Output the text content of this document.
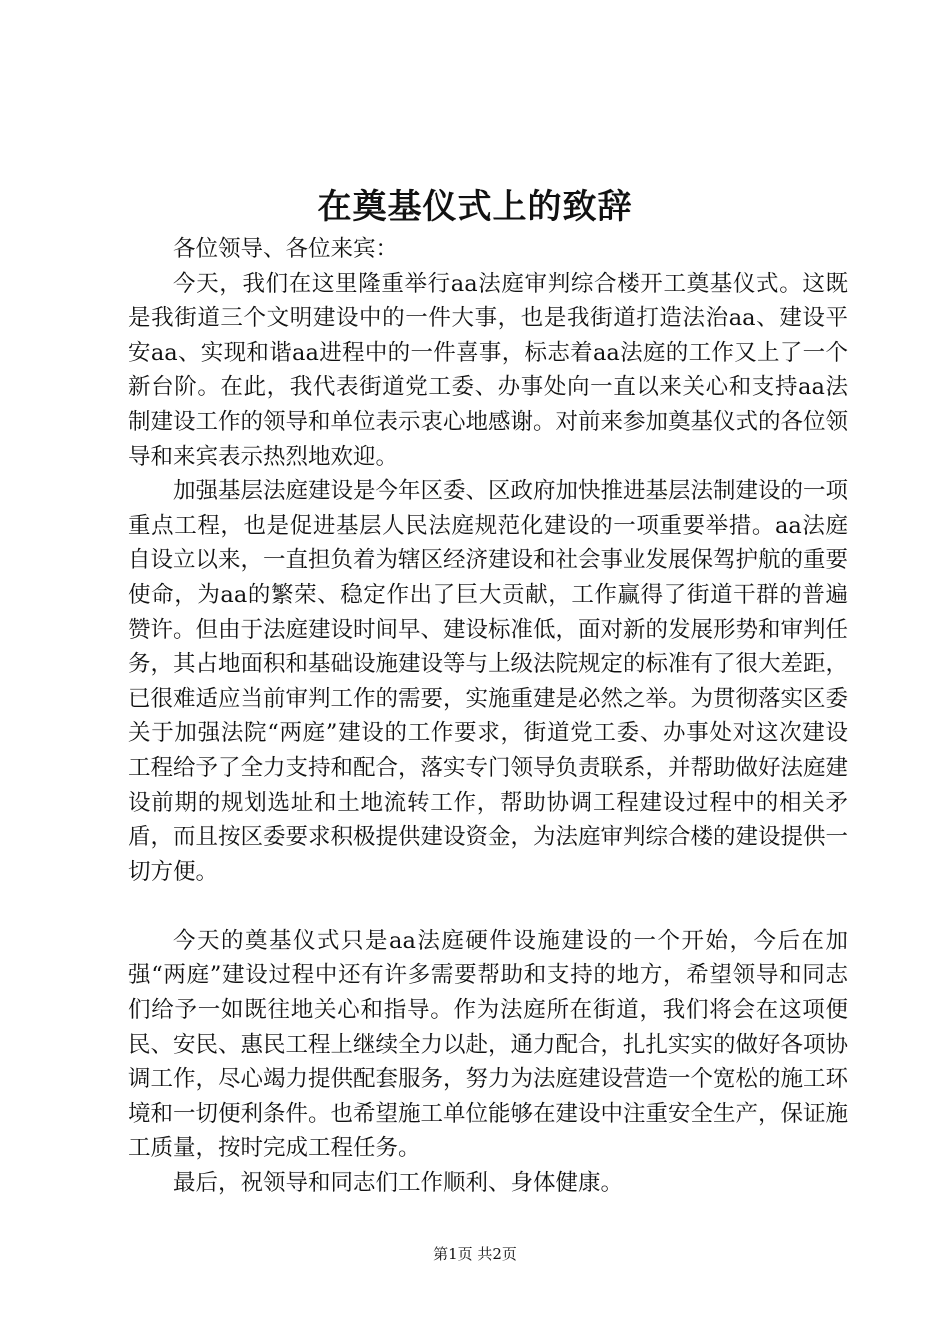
在奠基仪式上的致辞

各位领导、各位来宾：

今天，我们在这里隆重举行aa法庭审判综合楼开工奠基仪式。这既是我街道三个文明建设中的一件大事，也是我街道打造法治aa、建设平安aa、实现和谐aa进程中的一件喜事，标志着aa法庭的工作又上了一个新台阶。在此，我代表街道党工委、办事处向一直以来关心和支持aa法制建设工作的领导和单位表示衷心地感谢。对前来参加奠基仪式的各位领导和来宾表示热烈地欢迎。

加强基层法庭建设是今年区委、区政府加快推进基层法制建设的一项重点工程，也是促进基层人民法庭规范化建设的一项重要举措。aa法庭自设立以来，一直担负着为辖区经济建设和社会事业发展保驾护航的重要使命，为aa的繁荣、稳定作出了巨大贡献，工作赢得了街道干群的普遍赞许。但由于法庭建设时间早、建设标准低，面对新的发展形势和审判任务，其占地面积和基础设施建设等与上级法院规定的标准有了很大差距，已很难适应当前审判工作的需要，实施重建是必然之举。为贯彻落实区委关于加强法院“两庭”建设的工作要求，街道党工委、办事处对这次建设工程给予了全力支持和配合，落实专门领导负责联系，并帮助做好法庭建设前期的规划选址和土地流转工作，帮助协调工程建设过程中的相关矛盾，而且按区委要求积极提供建设资金，为法庭审判综合楼的建设提供一切方便。

今天的奠基仪式只是aa法庭硬件设施建设的一个开始，今后在加强“两庭”建设过程中还有许多需要帮助和支持的地方，希望领导和同志们给予一如既往地关心和指导。作为法庭所在街道，我们将会在这项便民、安民、惠民工程上继续全力以赴，通力配合，扎扎实实的做好各项协调工作，尽心竭力提供配套服务，努力为法庭建设营造一个宽松的施工环境和一切便利条件。也希望施工单位能够在建设中注重安全生产，保证施工质量，按时完成工程任务。

最后，祝领导和同志们工作顺利、身体健康。

第1页 共2页
